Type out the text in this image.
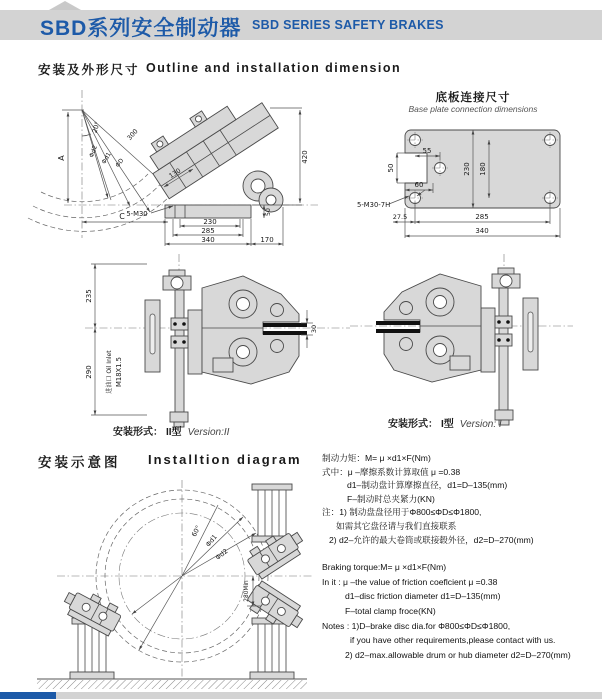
SBD系列安全制动器 SBD SERIES SAFETY BRAKES
安装及外形尺寸 Outline and installation dimension
A
20°	300
Φd2 Φd1 ΦD
C
130
5-M30
230
285
340	170
420
50
底板连接尺寸
Base plate connection dimensions
55
50
60
230 180
285
340
27.5
5-M30-7H
235
290
30
进油口 Oil Inlet M18X1.5
安装形式： II型 Version:II
安装形式： I型 Version: I
安装示意图 Installtion diagram
60°
Φd1
Φd2
280Min
制动力矩：M= μ ×d1×F(Nm)
式中：μ –摩擦系数计算取值 μ =0.38
d1–制动盘计算摩擦直径，d1=D–135(mm)
F–制动时总夹紧力(KN)
注：1) 制动盘盘径用于Φ800≤ΦD≤Φ1800,
如需其它盘径请与我们直接联系
2) d2–允许的最大卷筒或联接毂外径，d2=D–270(mm)
Braking torque:M= μ ×d1×F(Nm)
In it : μ –the value of friction coeflcient μ =0.38
d1–disc friction diameter d1=D–135(mm)
F–total clamp froce(KN)
Notes : 1)D–brake disc dia.for Φ800≤ΦD≤Φ1800,
if you have other requirements,please contact with us.
2) d2–max.allowable drum or hub diameter d2=D–270(mm)
